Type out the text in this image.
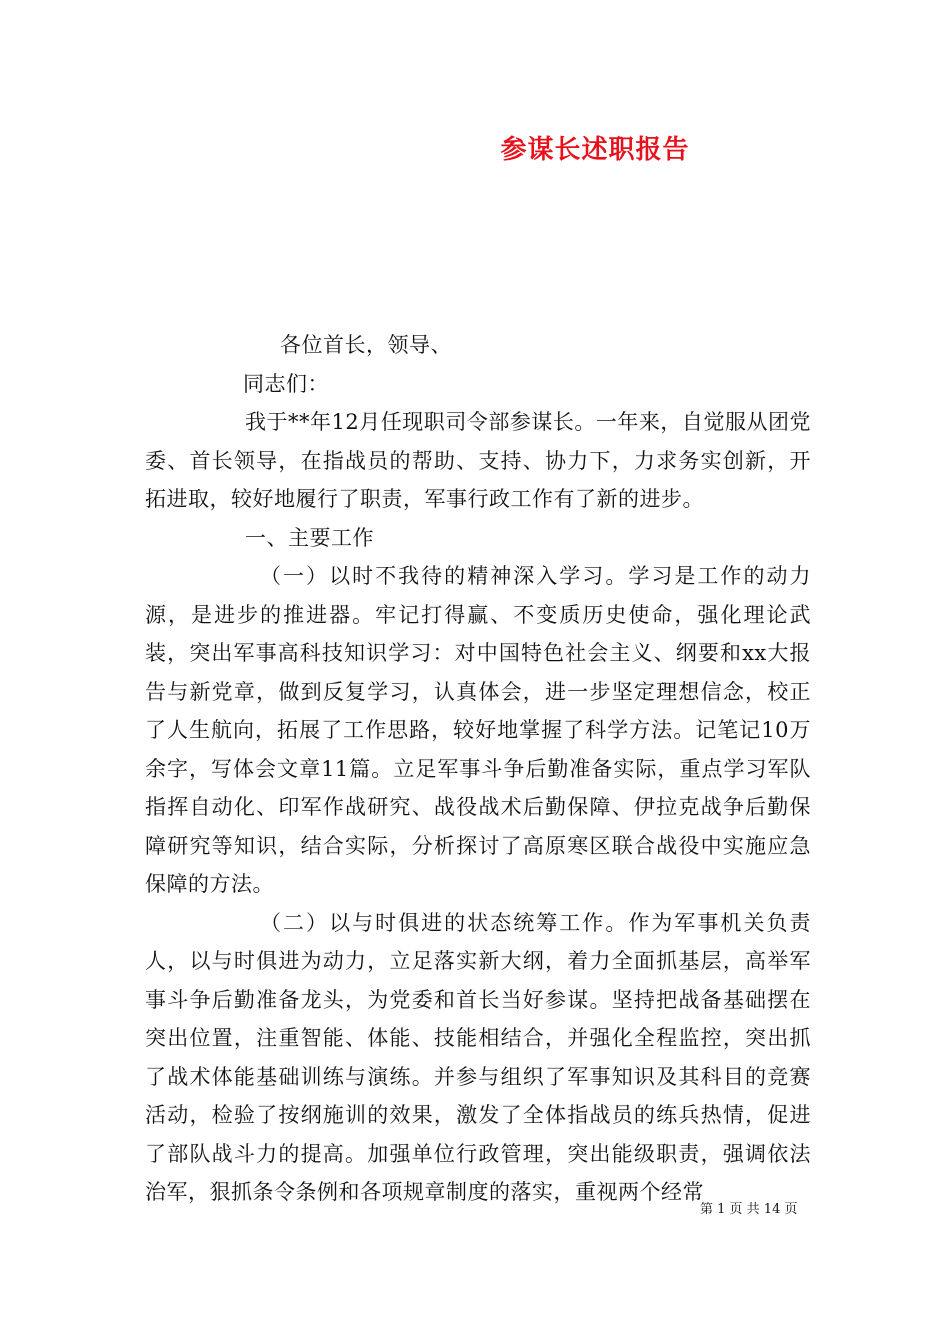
参谋长述职报告

各位首长，领导、

同志们：

我于**年12月任现职司令部参谋长。一年来，自觉服从团党委、首长领导，在指战员的帮助、支持、协力下，力求务实创新，开拓进取，较好地履行了职责，军事行政工作有了新的进步。

一、主要工作

（一）以时不我待的精神深入学习。学习是工作的动力源，是进步的推进器。牢记打得赢、不变质历史使命，强化理论武装，突出军事高科技知识学习：对中国特色社会主义、纲要和xx大报告与新党章，做到反复学习，认真体会，进一步坚定理想信念，校正了人生航向，拓展了工作思路，较好地掌握了科学方法。记笔记10万余字，写体会文章11篇。立足军事斗争后勤准备实际，重点学习军队指挥自动化、印军作战研究、战役战术后勤保障、伊拉克战争后勤保障研究等知识，结合实际，分析探讨了高原寒区联合战役中实施应急保障的方法。

（二）以与时俱进的状态统筹工作。作为军事机关负责人，以与时俱进为动力，立足落实新大纲，着力全面抓基层，高举军事斗争后勤准备龙头，为党委和首长当好参谋。坚持把战备基础摆在突出位置，注重智能、体能、技能相结合，并强化全程监控，突出抓了战术体能基础训练与演练。并参与组织了军事知识及其科目的竞赛活动，检验了按纲施训的效果，激发了全体指战员的练兵热情，促进了部队战斗力的提高。加强单位行政管理，突出能级职责，强调依法治军，狠抓条令条例和各项规章制度的落实，重视两个经常

第 1 页 共 14 页
